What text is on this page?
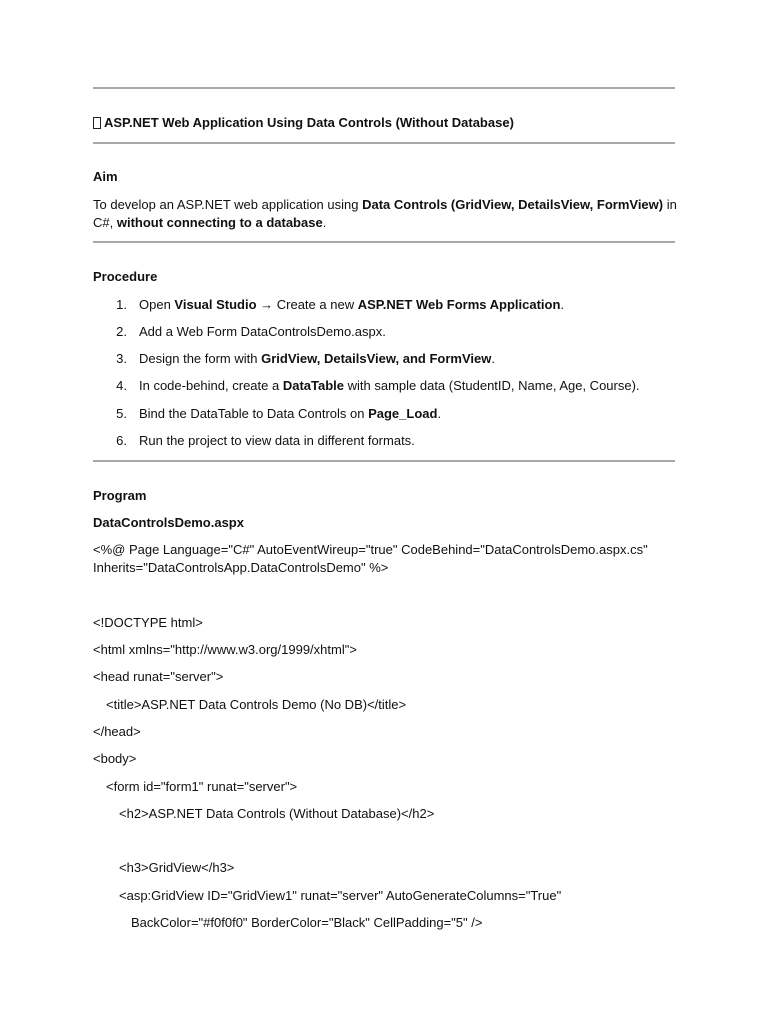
ASP.NET Web Application Using Data Controls (Without Database)
Aim
To develop an ASP.NET web application using Data Controls (GridView, DetailsView, FormView) in
C#, without connecting to a database.
Procedure
1. Open Visual Studio → Create a new ASP.NET Web Forms Application.
2. Add a Web Form DataControlsDemo.aspx.
3. Design the form with GridView, DetailsView, and FormView.
4. In code-behind, create a DataTable with sample data (StudentID, Name, Age, Course).
5. Bind the DataTable to Data Controls on Page_Load.
6. Run the project to view data in different formats.
Program
DataControlsDemo.aspx
<%@ Page Language="C#" AutoEventWireup="true" CodeBehind="DataControlsDemo.aspx.cs"
Inherits="DataControlsApp.DataControlsDemo" %>
<!DOCTYPE html>
<html xmlns="http://www.w3.org/1999/xhtml">
<head runat="server">
<title>ASP.NET Data Controls Demo (No DB)</title>
</head>
<body>
<form id="form1" runat="server">
<h2>ASP.NET Data Controls (Without Database)</h2>
<h3>GridView</h3>
<asp:GridView ID="GridView1" runat="server" AutoGenerateColumns="True"
BackColor="#f0f0f0" BorderColor="Black" CellPadding="5" />
